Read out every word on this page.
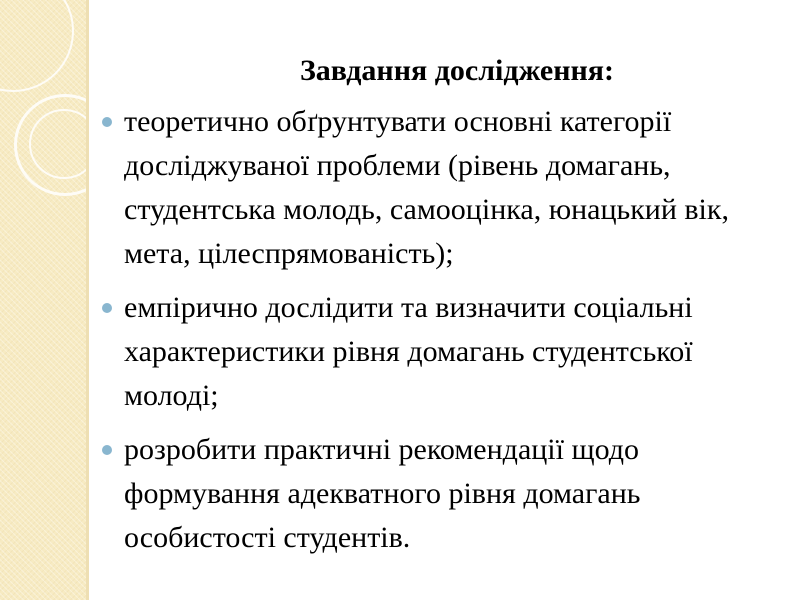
Завдання дослідження:
теоретично обґрунтувати основні категорії досліджуваної проблеми (рівень домагань, студентська молодь, самооцінка, юнацький вік, мета, цілеспрямованість);
емпірично дослідити та визначити соціальні характеристики рівня домагань студентської молоді;
розробити практичні рекомендації щодо формування адекватного рівня домагань особистості студентів.
